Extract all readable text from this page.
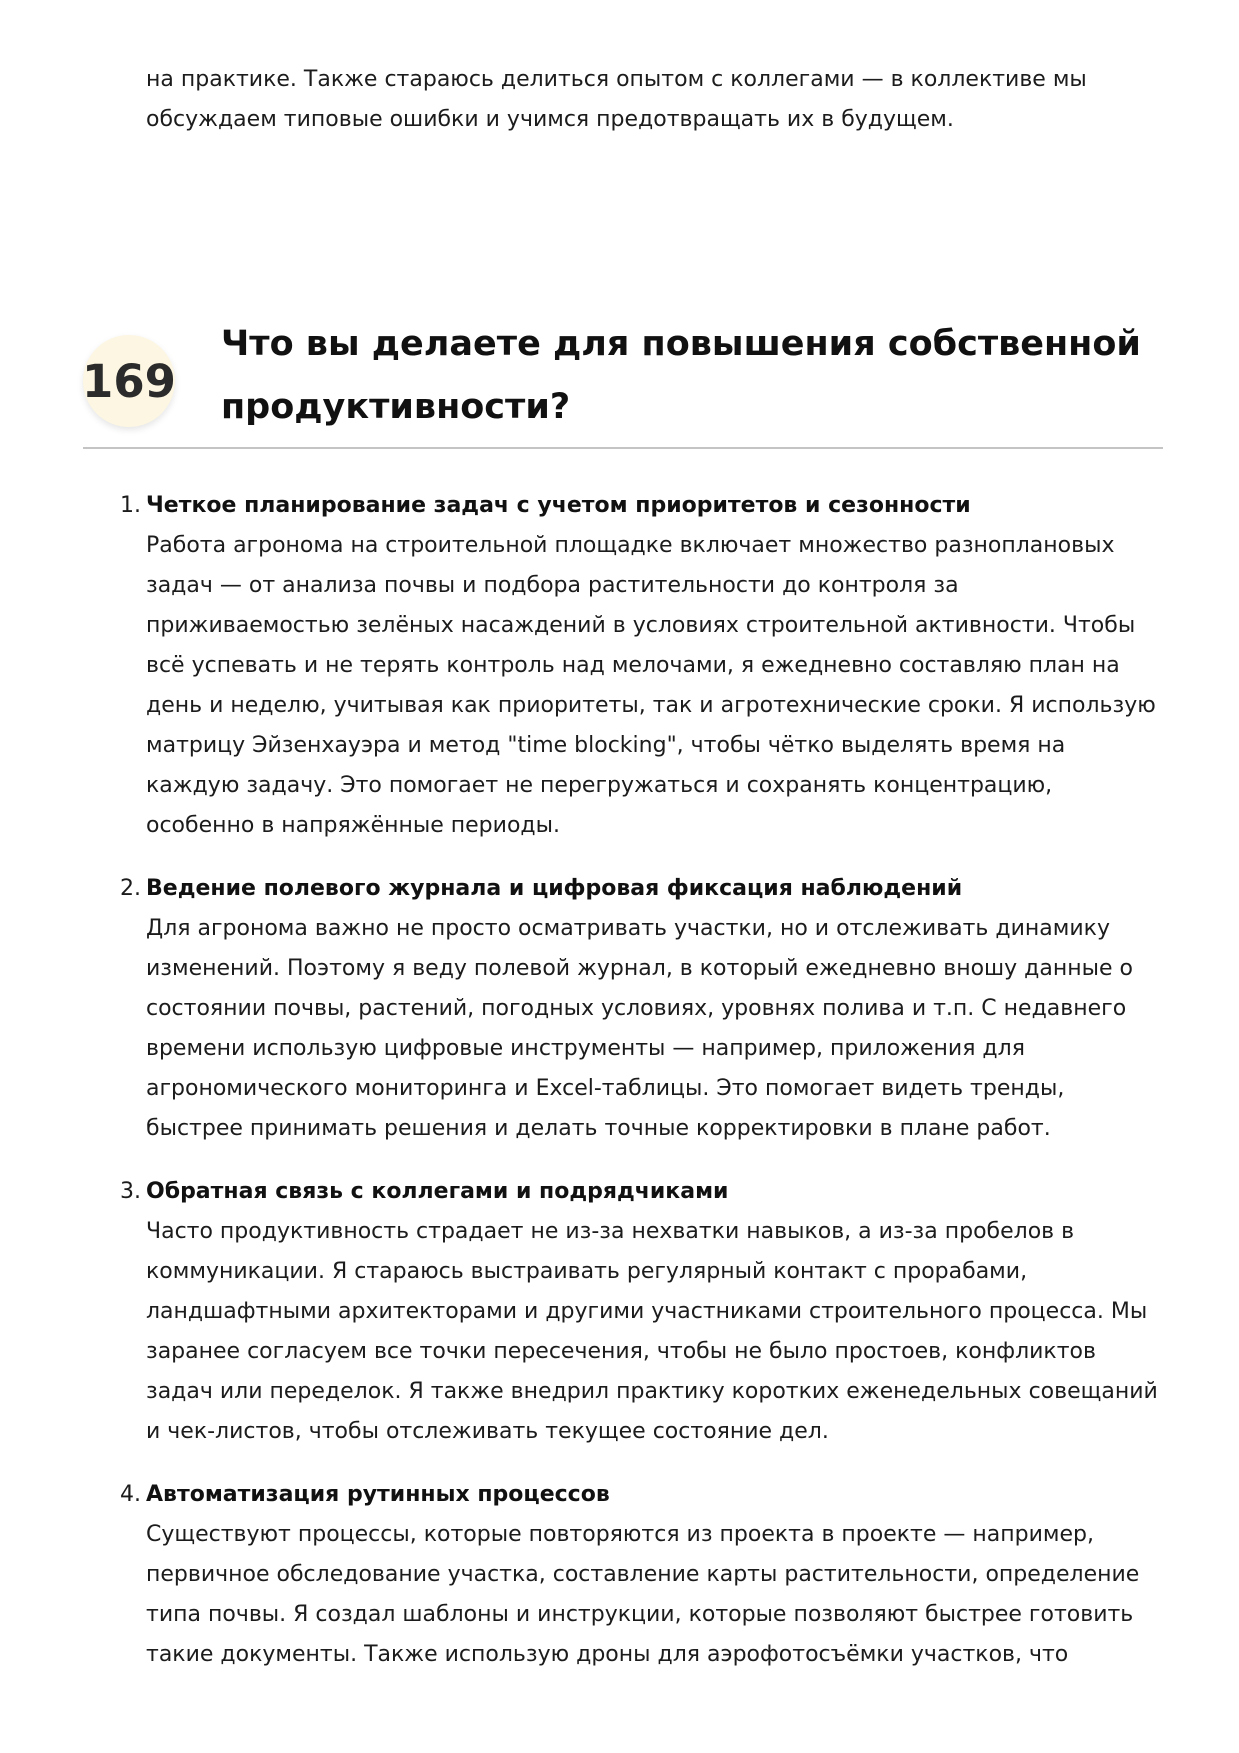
на практике. Также стараюсь делиться опытом с коллегами — в коллективе мы обсуждаем типовые ошибки и учимся предотвращать их в будущем.

169
Что вы делаете для повышения собственной продуктивности?
1. Четкое планирование задач с учетом приоритетов и сезонности

Работа агронома на строительной площадке включает множество разноплановых задач — от анализа почвы и подбора растительности до контроля за приживаемостью зелёных насаждений в условиях строительной активности. Чтобы всё успевать и не терять контроль над мелочами, я ежедневно составляю план на день и неделю, учитывая как приоритеты, так и агротехнические сроки. Я использую матрицу Эйзенхауэра и метод "time blocking", чтобы чётко выделять время на каждую задачу. Это помогает не перегружаться и сохранять концентрацию, особенно в напряжённые периоды.

2. Ведение полевого журнала и цифровая фиксация наблюдений

Для агронома важно не просто осматривать участки, но и отслеживать динамику изменений. Поэтому я веду полевой журнал, в который ежедневно вношу данные о состоянии почвы, растений, погодных условиях, уровнях полива и т.п. С недавнего времени использую цифровые инструменты — например, приложения для агрономического мониторинга и Excel-таблицы. Это помогает видеть тренды, быстрее принимать решения и делать точные корректировки в плане работ.

3. Обратная связь с коллегами и подрядчиками

Часто продуктивность страдает не из-за нехватки навыков, а из-за пробелов в коммуникации. Я стараюсь выстраивать регулярный контакт с прорабами, ландшафтными архитекторами и другими участниками строительного процесса. Мы заранее согласуем все точки пересечения, чтобы не было простоев, конфликтов задач или переделок. Я также внедрил практику коротких еженедельных совещаний и чек-листов, чтобы отслеживать текущее состояние дел.

4. Автоматизация рутинных процессов

Существуют процессы, которые повторяются из проекта в проекте — например, первичное обследование участка, составление карты растительности, определение типа почвы. Я создал шаблоны и инструкции, которые позволяют быстрее готовить такие документы. Также использую дроны для аэрофотосъёмки участков, что
